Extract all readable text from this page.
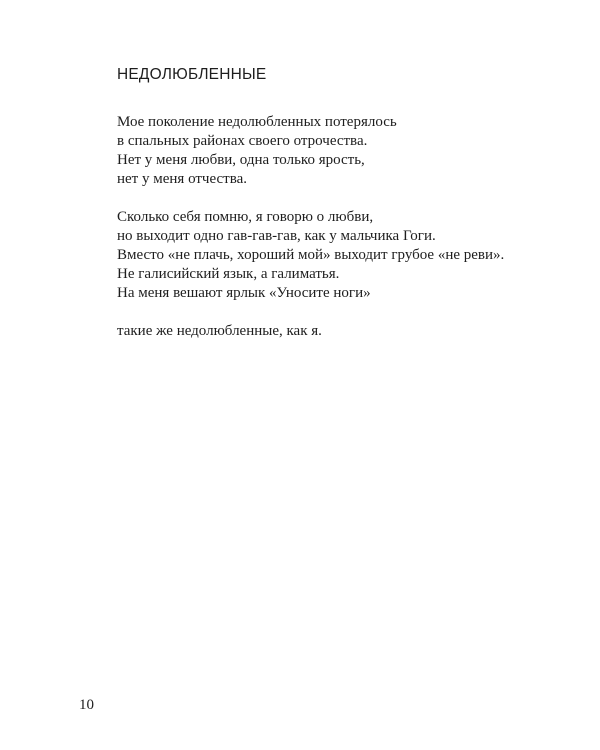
НЕДОЛЮБЛЕННЫЕ
Мое поколение недолюбленных потерялось
в спальных районах своего отрочества.
Нет у меня любви, одна только ярость,
нет у меня отчества.
Сколько себя помню, я говорю о любви,
но выходит одно гав-гав-гав, как у мальчика Гоги.
Вместо «не плачь, хороший мой» выходит грубое «не реви».
Не галисийский язык, а галиматья.
На меня вешают ярлык «Уносите ноги»
такие же недолюбленные, как я.
10
